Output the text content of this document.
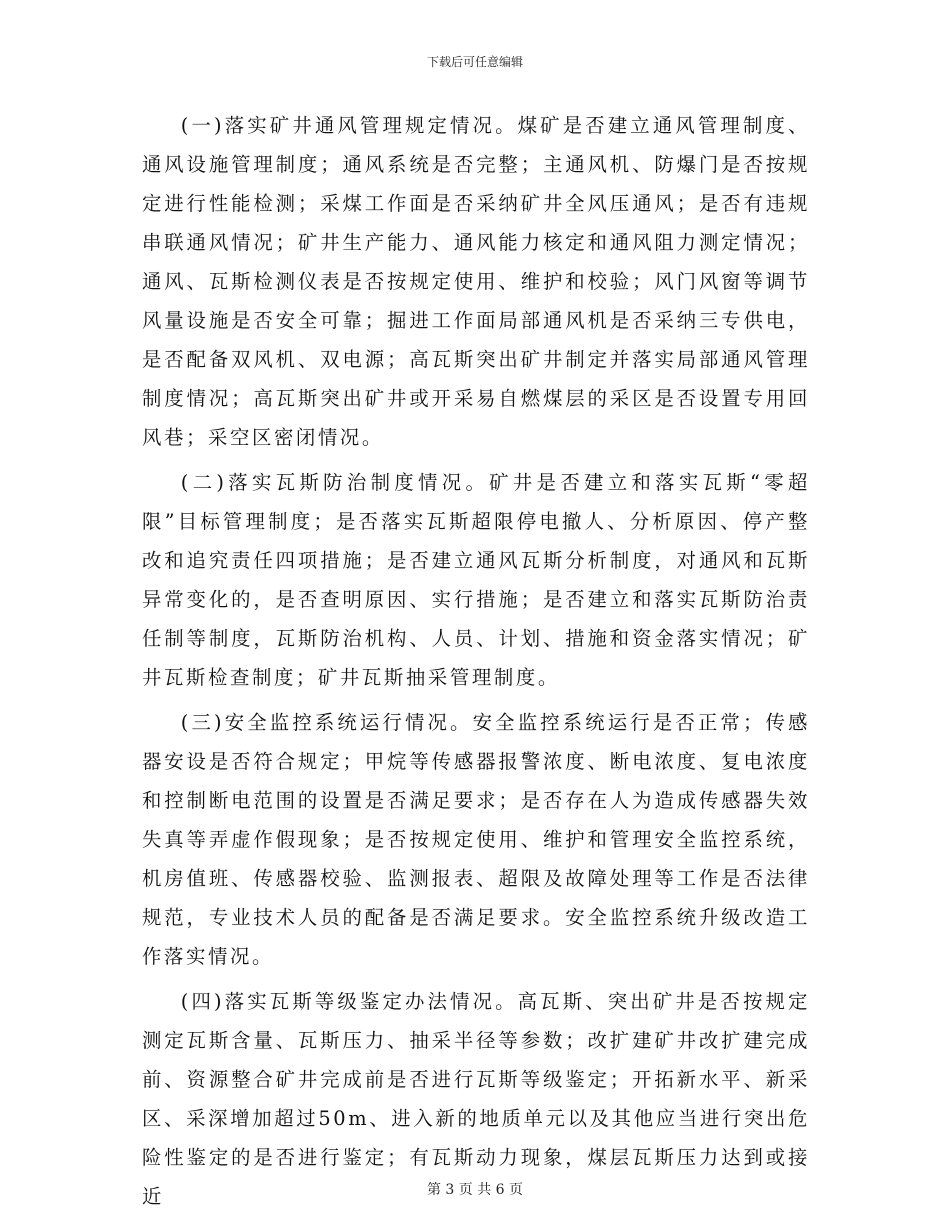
下载后可任意编辑

(一)落实矿井通风管理规定情况。煤矿是否建立通风管理制度、通风设施管理制度；通风系统是否完整；主通风机、防爆门是否按规定进行性能检测；采煤工作面是否采纳矿井全风压通风；是否有违规串联通风情况；矿井生产能力、通风能力核定和通风阻力测定情况；通风、瓦斯检测仪表是否按规定使用、维护和校验；风门风窗等调节风量设施是否安全可靠；掘进工作面局部通风机是否采纳三专供电，是否配备双风机、双电源；高瓦斯突出矿井制定并落实局部通风管理制度情况；高瓦斯突出矿井或开采易自燃煤层的采区是否设置专用回风巷；采空区密闭情况。

(二)落实瓦斯防治制度情况。矿井是否建立和落实瓦斯“零超限”目标管理制度；是否落实瓦斯超限停电撤人、分析原因、停产整改和追究责任四项措施；是否建立通风瓦斯分析制度，对通风和瓦斯异常变化的，是否查明原因、实行措施；是否建立和落实瓦斯防治责任制等制度，瓦斯防治机构、人员、计划、措施和资金落实情况；矿井瓦斯检查制度；矿井瓦斯抽采管理制度。

(三)安全监控系统运行情况。安全监控系统运行是否正常；传感器安设是否符合规定；甲烷等传感器报警浓度、断电浓度、复电浓度和控制断电范围的设置是否满足要求；是否存在人为造成传感器失效失真等弄虚作假现象；是否按规定使用、维护和管理安全监控系统，机房值班、传感器校验、监测报表、超限及故障处理等工作是否法律规范，专业技术人员的配备是否满足要求。安全监控系统升级改造工作落实情况。

(四)落实瓦斯等级鉴定办法情况。高瓦斯、突出矿井是否按规定测定瓦斯含量、瓦斯压力、抽采半径等参数；改扩建矿井改扩建完成前、资源整合矿井完成前是否进行瓦斯等级鉴定；开拓新水平、新采区、采深增加超过50m、进入新的地质单元以及其他应当进行突出危险性鉴定的是否进行鉴定；有瓦斯动力现象，煤层瓦斯压力达到或接近	第 3 页 共 6 页
